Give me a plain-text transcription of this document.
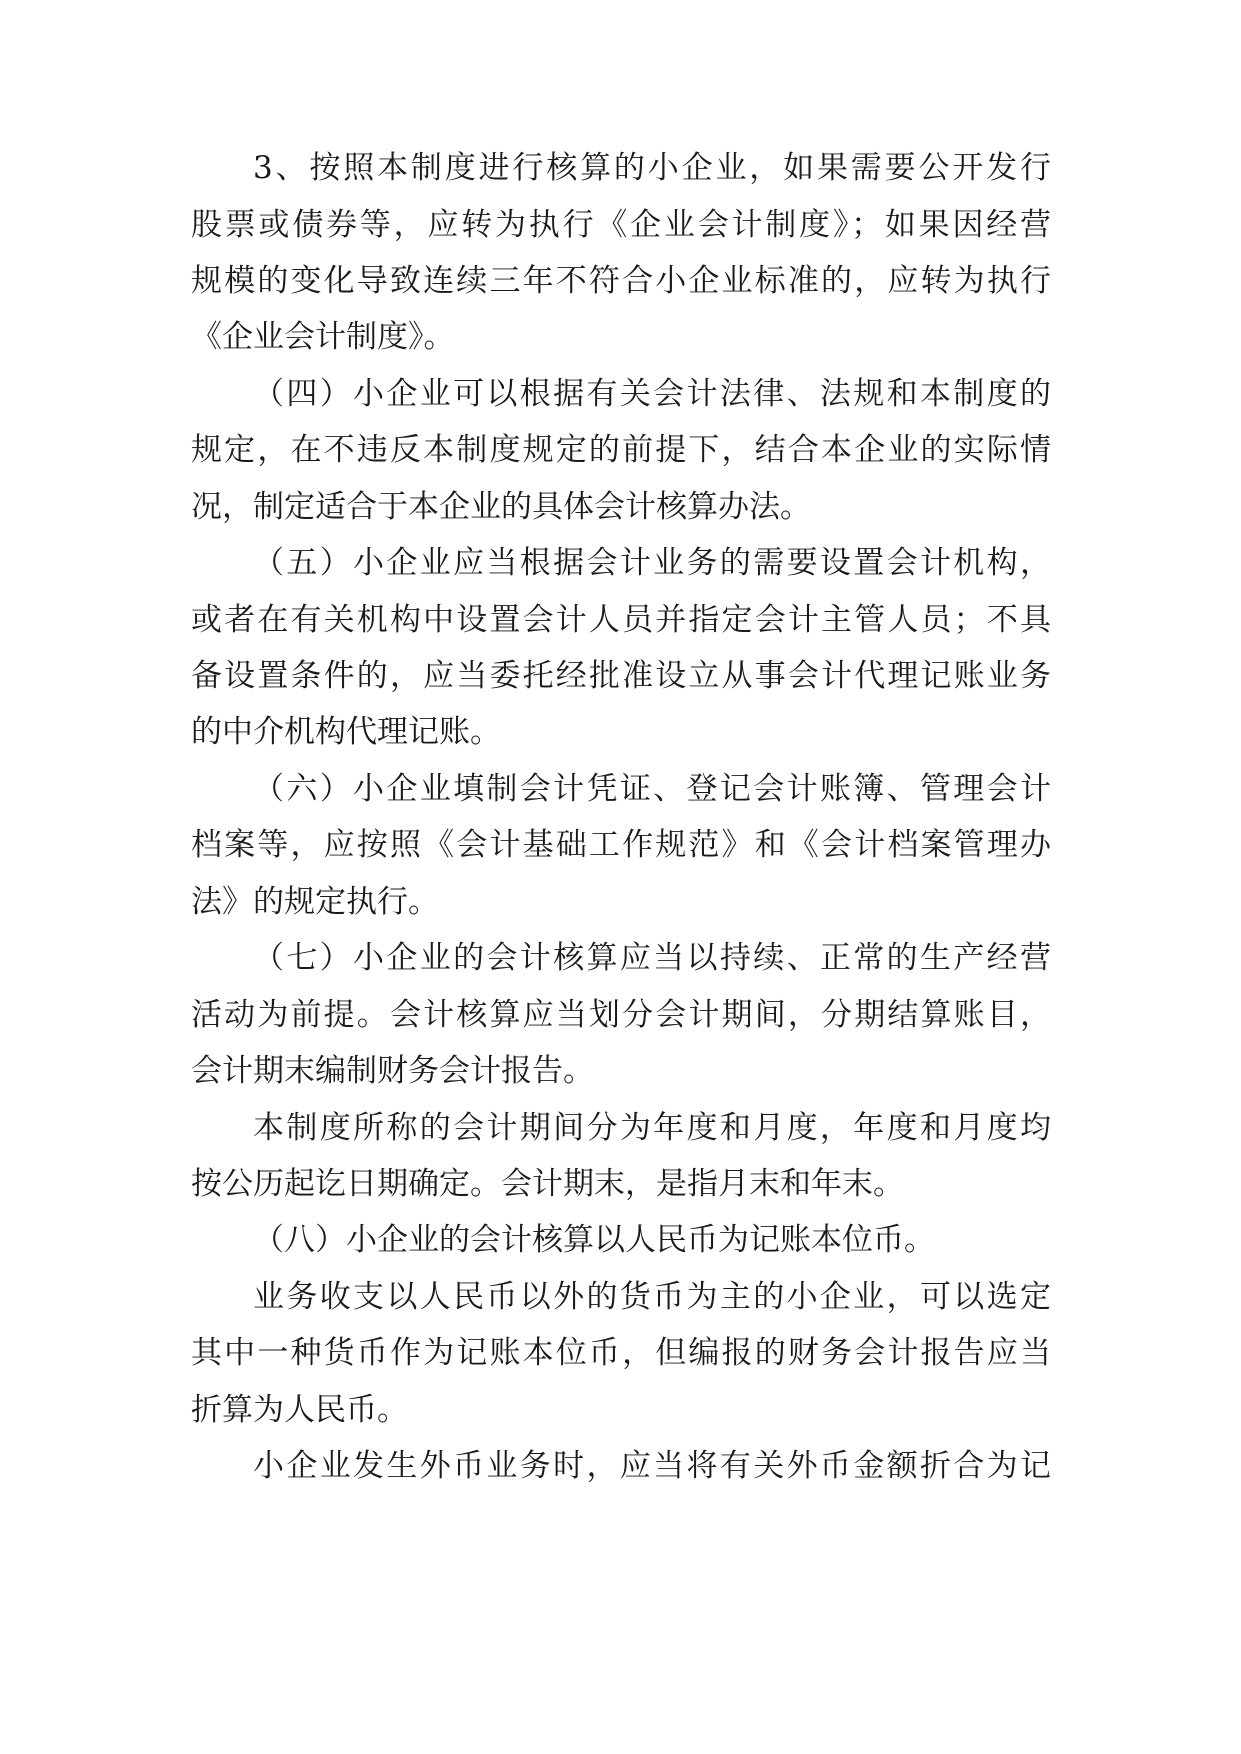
3、按照本制度进行核算的小企业，如果需要公开发行
股票或债券等，应转为执行《企业会计制度》；如果因经营
规模的变化导致连续三年不符合小企业标准的，应转为执行
《企业会计制度》。
（四）小企业可以根据有关会计法律、法规和本制度的
规定，在不违反本制度规定的前提下，结合本企业的实际情
况，制定适合于本企业的具体会计核算办法。
（五）小企业应当根据会计业务的需要设置会计机构，
或者在有关机构中设置会计人员并指定会计主管人员；不具
备设置条件的，应当委托经批准设立从事会计代理记账业务
的中介机构代理记账。
（六）小企业填制会计凭证、登记会计账簿、管理会计
档案等，应按照《会计基础工作规范》和《会计档案管理办
法》的规定执行。
（七）小企业的会计核算应当以持续、正常的生产经营
活动为前提。会计核算应当划分会计期间，分期结算账目，
会计期末编制财务会计报告。
本制度所称的会计期间分为年度和月度，年度和月度均
按公历起讫日期确定。会计期末，是指月末和年末。
（八）小企业的会计核算以人民币为记账本位币。
业务收支以人民币以外的货币为主的小企业，可以选定
其中一种货币作为记账本位币，但编报的财务会计报告应当
折算为人民币。
小企业发生外币业务时，应当将有关外币金额折合为记
